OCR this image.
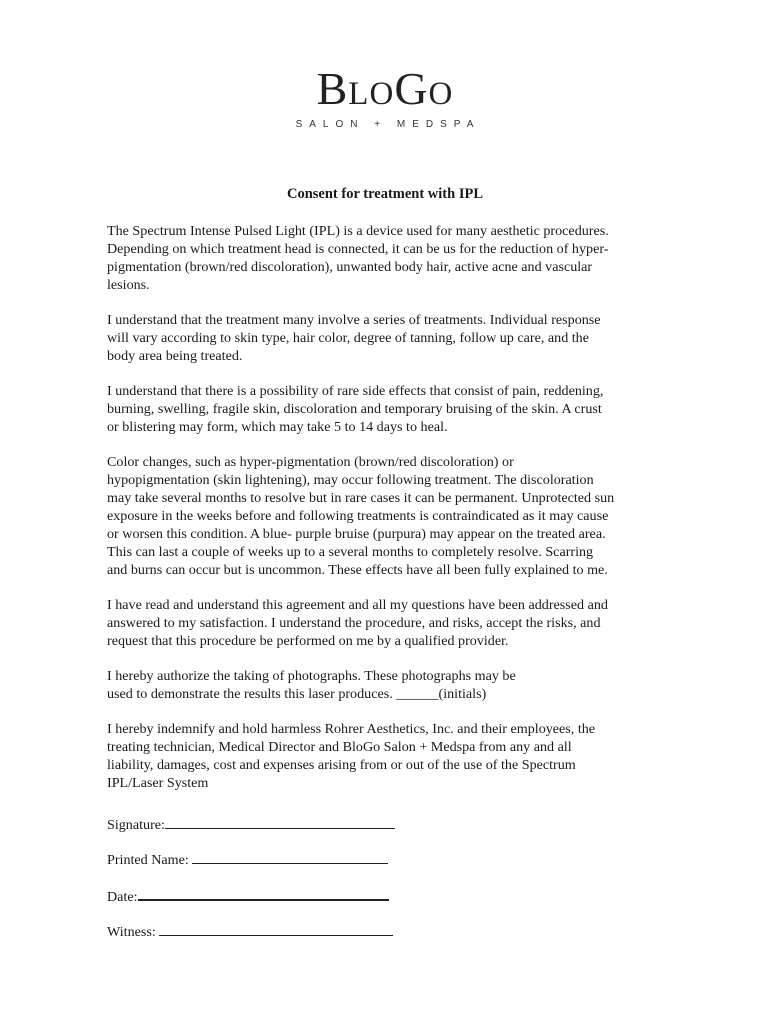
BLOGO
SALON + MEDSPA
Consent for treatment with IPL

The Spectrum Intense Pulsed Light (IPL) is a device used for many aesthetic procedures.
Depending on which treatment head is connected, it can be us for the reduction of hyper-
pigmentation (brown/red discoloration), unwanted body hair, active acne and vascular
lesions.

I understand that the treatment many involve a series of treatments. Individual response
will vary according to skin type, hair color, degree of tanning, follow up care, and the
body area being treated.

I understand that there is a possibility of rare side effects that consist of pain, reddening,
burning, swelling, fragile skin, discoloration and temporary bruising of the skin. A crust
or blistering may form, which may take 5 to 14 days to heal.

Color changes, such as hyper-pigmentation (brown/red discoloration) or
hypopigmentation (skin lightening), may occur following treatment. The discoloration
may take several months to resolve but in rare cases it can be permanent. Unprotected sun
exposure in the weeks before and following treatments is contraindicated as it may cause
or worsen this condition. A blue- purple bruise (purpura) may appear on the treated area.
This can last a couple of weeks up to a several months to completely resolve. Scarring
and burns can occur but is uncommon. These effects have all been fully explained to me.

I have read and understand this agreement and all my questions have been addressed and
answered to my satisfaction. I understand the procedure, and risks, accept the risks, and
request that this procedure be performed on me by a qualified provider.

I hereby authorize the taking of photographs. These photographs may be
used to demonstrate the results this laser produces. ______(initials)

I hereby indemnify and hold harmless Rohrer Aesthetics, Inc. and their employees, the
treating technician, Medical Director and BloGo Salon + Medspa from any and all
liability, damages, cost and expenses arising from or out of the use of the Spectrum
IPL/Laser System

Signature:
Printed Name:
Date:
Witness:
